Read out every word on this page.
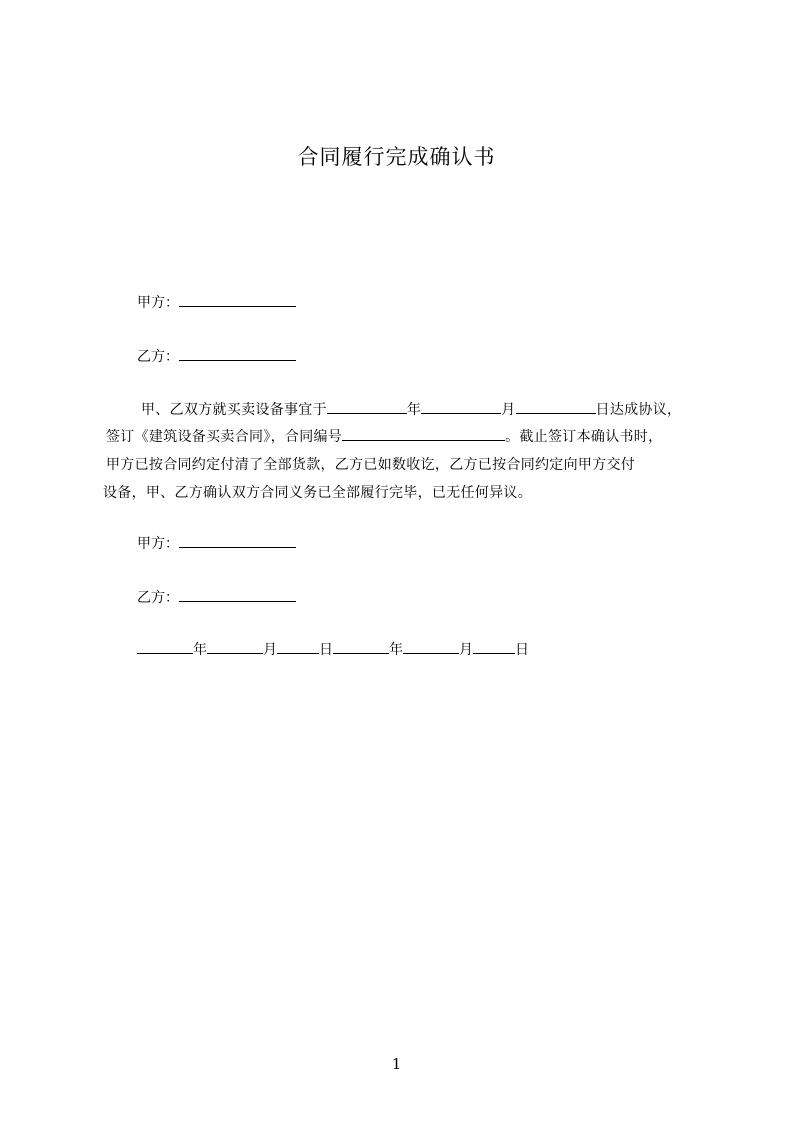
合同履行完成确认书
甲方：
乙方：
甲、乙双方就买卖设备事宜于	年	月	日达成协议，
签订《建筑设备买卖合同》，合同编号	。截止签订本确认书时，
甲方已按合同约定付清了全部货款，乙方已如数收讫，乙方已按合同约定向甲方交付
设备，甲、乙方确认双方合同义务已全部履行完毕，已无任何异议。
甲方：
乙方：
年	月	日	年	月	日
1
